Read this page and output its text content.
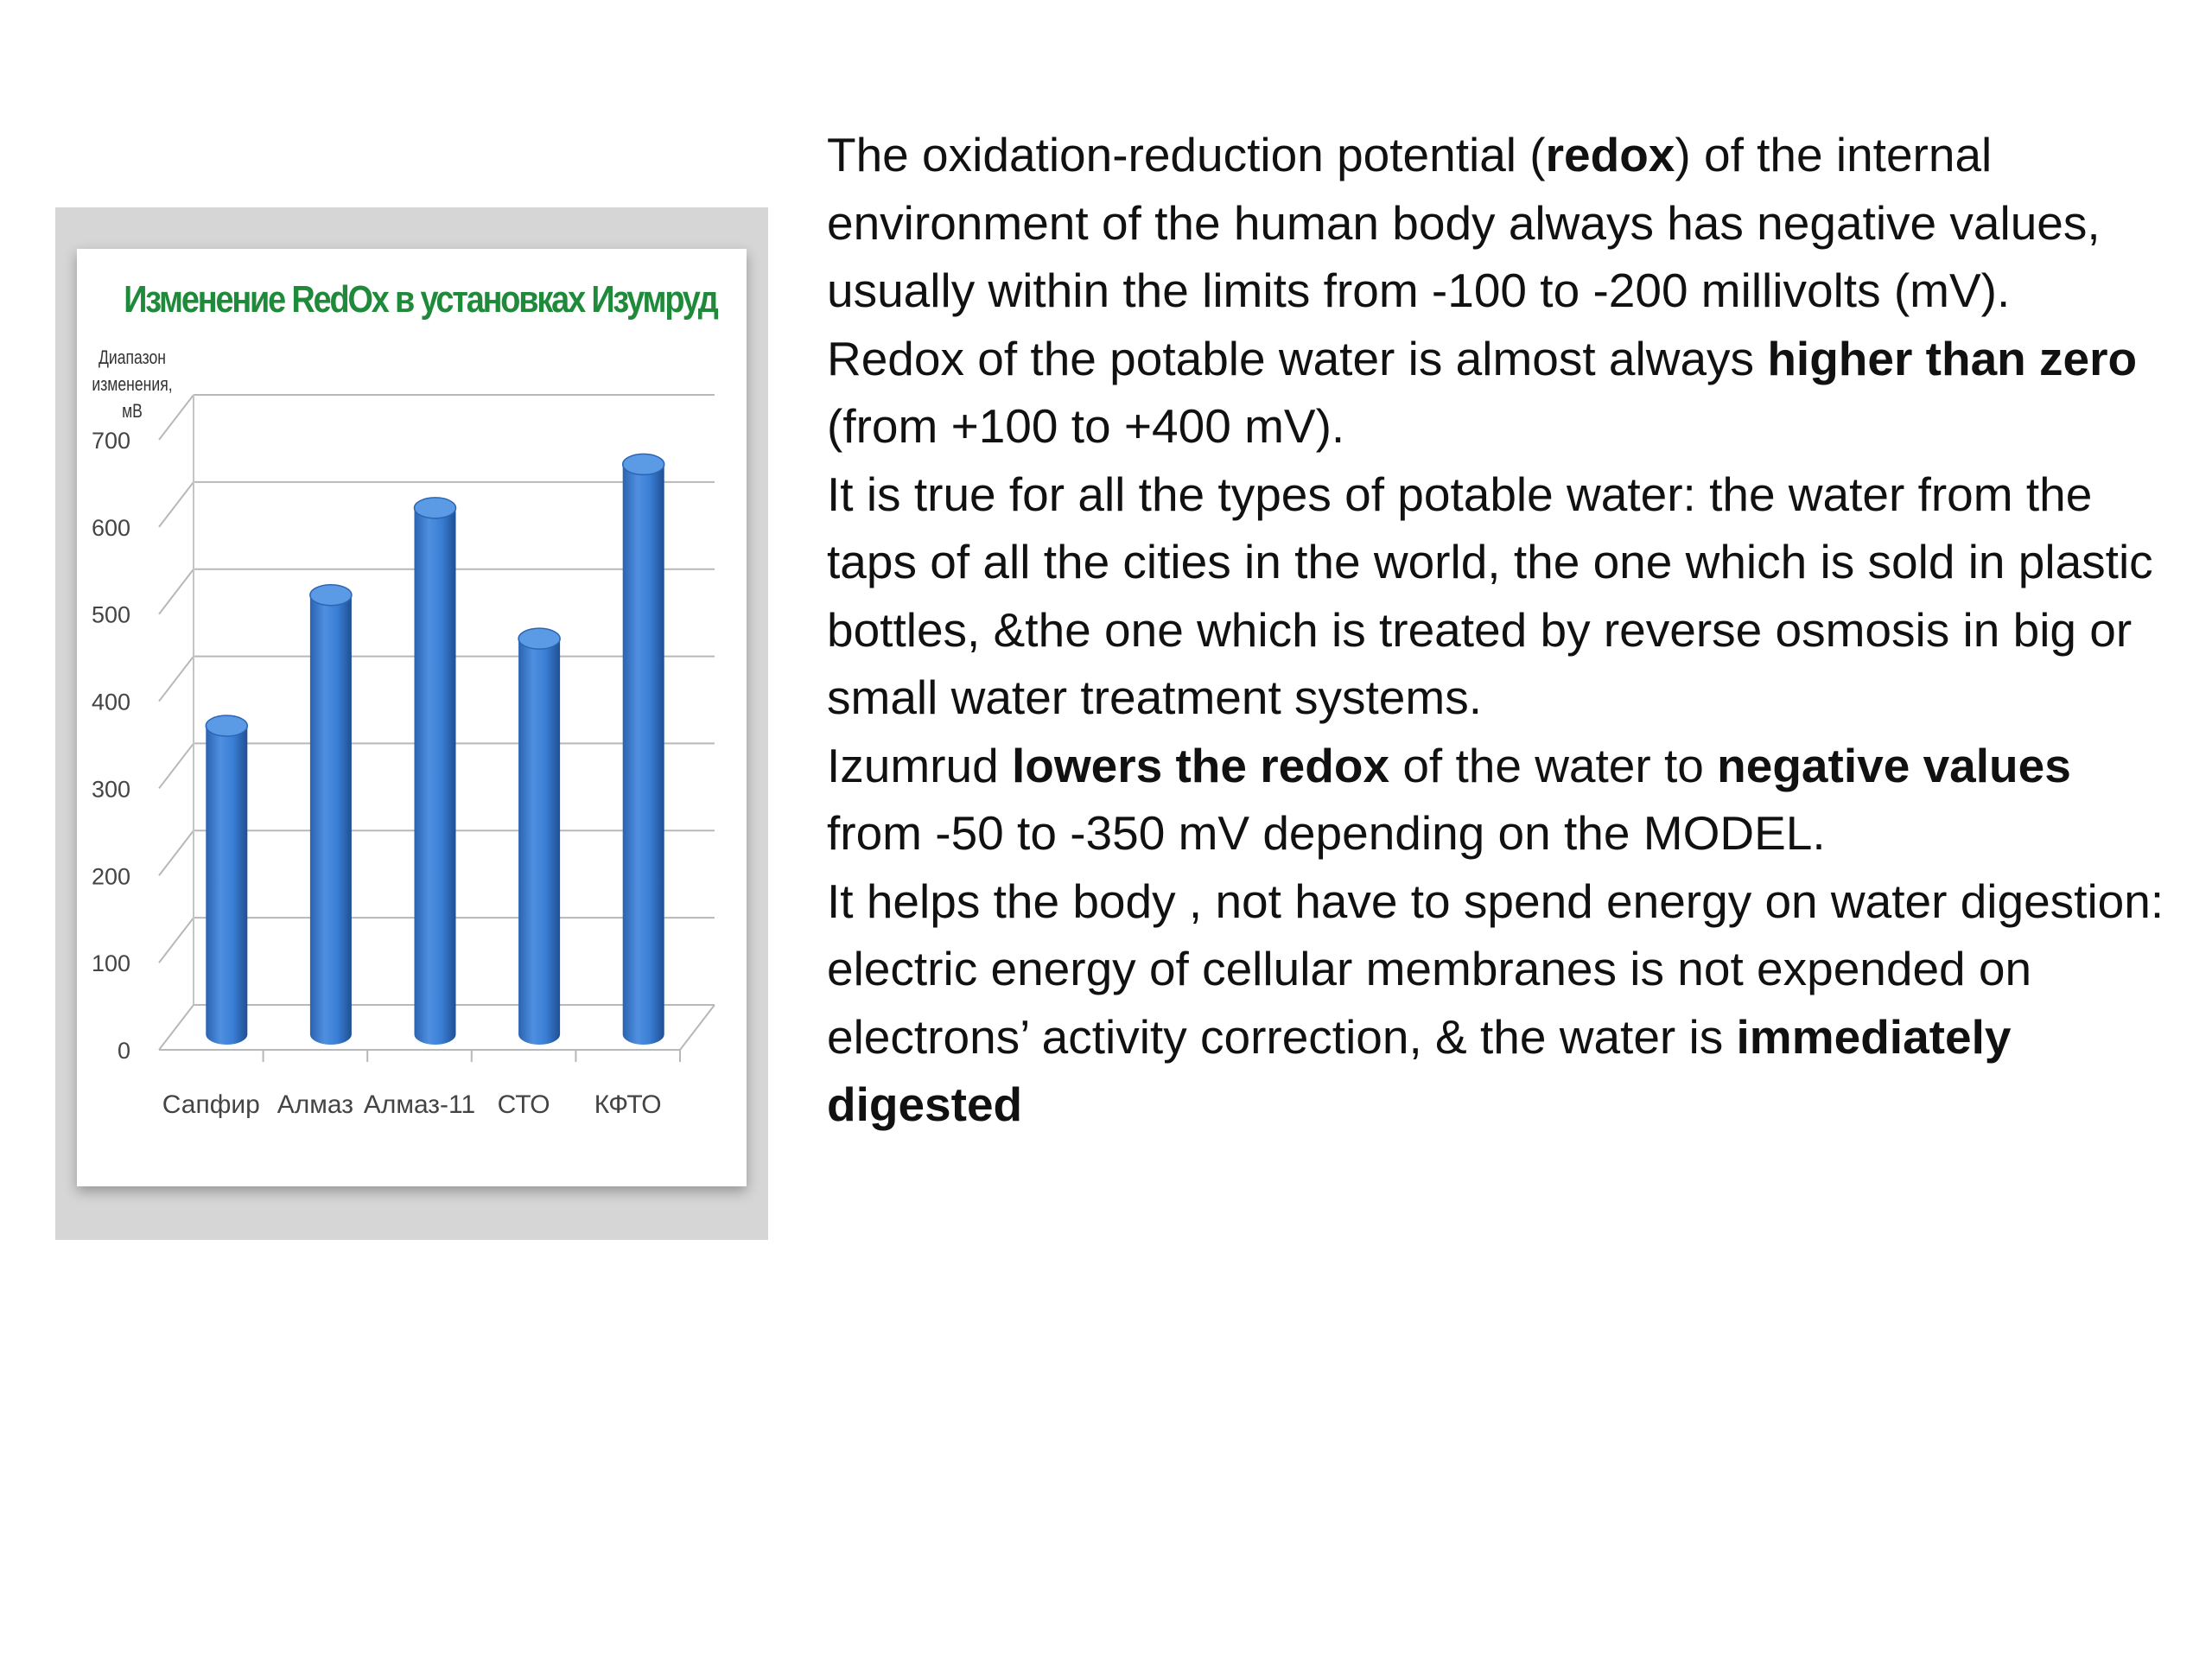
Изменение RedOx в установках Изумруд
Диапазон
изменения,
мВ
0
100
200
300
400
500
600
700
Сапфир Алмаз Алмаз-11 СТО КФТО

The oxidation-reduction potential (redox) of the internal environment of the human body always has negative values, usually within the limits from -100 to -200 millivolts (mV).

Redox of the potable water is almost always higher than zero (from +100 to +400 mV).

It is true for all the types of potable water: the water from the taps of all the cities in the world, the one which is sold in plastic bottles, &the one which is treated by reverse osmosis in big or small water treatment systems.

Izumrud lowers the redox of the water to negative values from -50 to -350 mV depending on the MODEL.

It helps the body , not have to spend energy on water digestion: electric energy of cellular membranes is not expended on electrons’ activity correction, & the water is immediately digested
